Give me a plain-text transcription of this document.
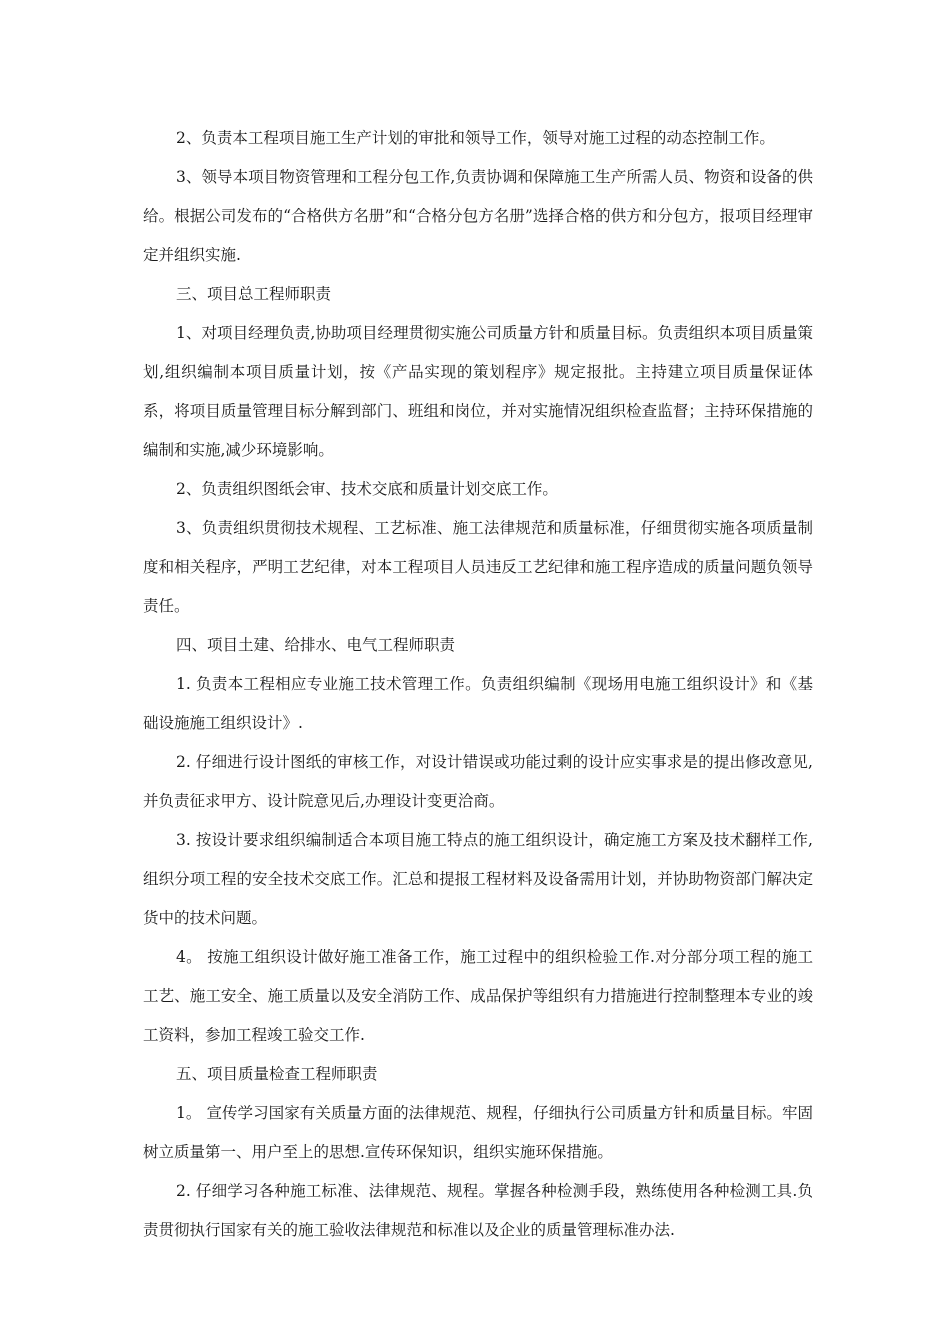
2、负责本工程项目施工生产计划的审批和领导工作，领导对施工过程的动态控制工作。

3、领导本项目物资管理和工程分包工作,负责协调和保障施工生产所需人员、物资和设备的供给。根据公司发布的“合格供方名册”和“合格分包方名册”选择合格的供方和分包方，报项目经理审定并组织实施.

三、项目总工程师职责

1、对项目经理负责,协助项目经理贯彻实施公司质量方针和质量目标。负责组织本项目质量策划,组织编制本项目质量计划，按《产品实现的策划程序》规定报批。主持建立项目质量保证体系，将项目质量管理目标分解到部门、班组和岗位，并对实施情况组织检查监督；主持环保措施的编制和实施,减少环境影响。

2、负责组织图纸会审、技术交底和质量计划交底工作。

3、负责组织贯彻技术规程、工艺标准、施工法律规范和质量标准，仔细贯彻实施各项质量制度和相关程序，严明工艺纪律，对本工程项目人员违反工艺纪律和施工程序造成的质量问题负领导责任。

四、项目土建、给排水、电气工程师职责

1. 负责本工程相应专业施工技术管理工作。负责组织编制《现场用电施工组织设计》和《基础设施施工组织设计》.

2. 仔细进行设计图纸的审核工作，对设计错误或功能过剩的设计应实事求是的提出修改意见,并负责征求甲方、设计院意见后,办理设计变更洽商。

3. 按设计要求组织编制适合本项目施工特点的施工组织设计，确定施工方案及技术翻样工作,组织分项工程的安全技术交底工作。汇总和提报工程材料及设备需用计划，并协助物资部门解决定货中的技术问题。

4。 按施工组织设计做好施工准备工作，施工过程中的组织检验工作.对分部分项工程的施工工艺、施工安全、施工质量以及安全消防工作、成品保护等组织有力措施进行控制整理本专业的竣工资料，参加工程竣工验交工作.

五、项目质量检查工程师职责

1。 宣传学习国家有关质量方面的法律规范、规程，仔细执行公司质量方针和质量目标。牢固树立质量第一、用户至上的思想.宣传环保知识，组织实施环保措施。

2. 仔细学习各种施工标准、法律规范、规程。掌握各种检测手段，熟练使用各种检测工具.负责贯彻执行国家有关的施工验收法律规范和标准以及企业的质量管理标准办法.
